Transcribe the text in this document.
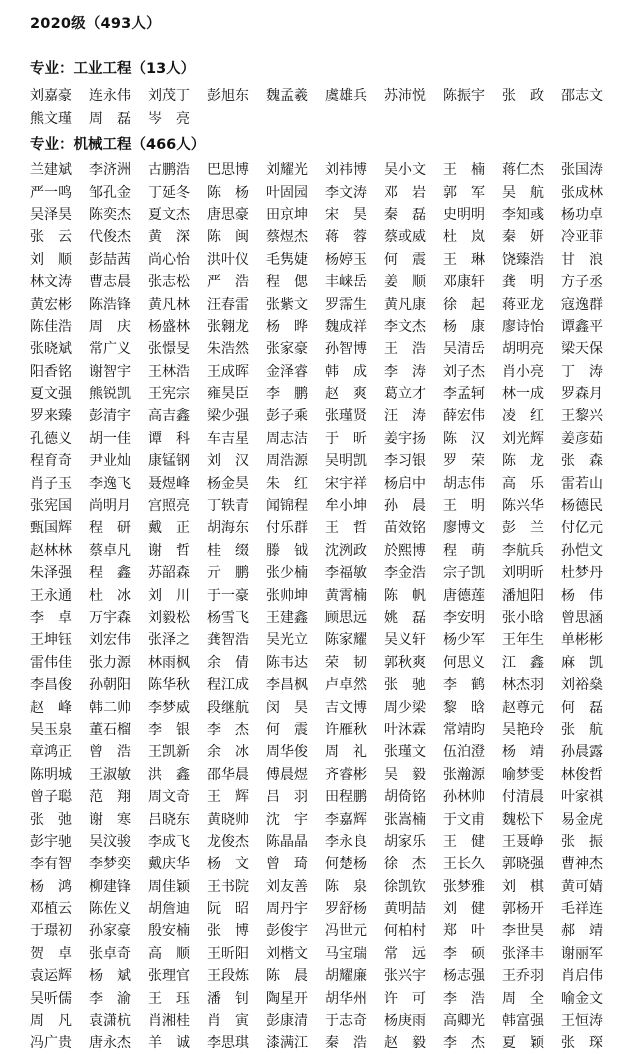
2020级（493人）
专业：工业工程（13人）
刘嘉豪	连永伟	刘茂丁	彭旭东	魏孟羲	虞雄兵	苏沛悦	陈振宇	张　政	邵志文
熊文瑾	周　磊	岑　亮
专业：机械工程（466人）
兰建斌	李济洲	古鹏浩	巴思博	刘耀光	刘祎博	吴小文	王　楠	蒋仁杰	张国涛
严一鸣	邹孔金	丁延冬	陈　杨	叶固园	李文涛	邓　岩	郭　军	吴　航	张成林
吴泽昊	陈奕杰	夏文杰	唐思豪	田京坤	宋　昊	秦　磊	史明明	李知彧	杨功卓
张　云	代俊杰	黄　深	陈　闽	蔡煜杰	蒋　蓉	蔡或威	杜　岚	秦　妍	冷亚菲
刘　顺	彭喆茜	尚心怡	洪叶仪	毛隽婕	杨婷玉	何　震	王　琳	饶臻浩	甘　浪
林文涛	曹志晨	张志松	严　浩	程　偲	丰崃岳	姜　顺	邓康轩	龚　明	方子丞
黄宏彬	陈浩锋	黄凡林	汪春雷	张紫文	罗霈生	黄凡康	徐　起	蒋亚龙	寇逸群
陈佳浩	周　庆	杨盛林	张翱龙	杨　晔	魏成祥	李文杰	杨　康	廖诗怡	谭鑫平
张晓斌	常广义	张憬旻	朱浩然	张家豪	孙智博	王　浩	吴清岳	胡明亮	梁天保
阳香铭	谢智宇	王林浩	王成晖	金泽睿	韩　成	李　涛	刘子杰	肖小亮	丁　涛
夏文强	熊锐凯	王宪宗	雍昊臣	李　鹏	赵　爽	葛立才	李孟轲	林一成	罗森月
罗来臻	彭清宇	高吉鑫	梁少强	彭子乘	张瑾贤	汪　涛	薛宏伟	凌　红	王黎兴
孔德义	胡一佳	谭　科	车吉星	周志洁	于　昕	姜宇扬	陈　汉	刘光辉	姜彦茹
程育奇	尹业灿	康锰钢	刘　汉	周浩源	吴明凯	李习银	罗　荣	陈　龙	张　森
肖子玉	李逸飞	聂煜峰	杨金昊	朱　红	宋宇祥	杨启中	胡志伟	高　乐	雷若山
张宪国	尚明月	宫照亮	丁轶青	闻锦程	牟小坤	孙　晨	王　明	陈兴华	杨德民
甄国辉	程　研	戴　正	胡海东	付乐群	王　哲	苗效铭	廖博文	彭　兰	付亿元
赵林林	蔡卓凡	谢　哲	桂　缀	滕　钺	沈洌政	於熙博	程　萌	李航兵	孙恺文
朱泽强	程　鑫	苏韶森	亓　鹏	张少楠	李福敏	李金浩	宗子凯	刘明昕	杜梦丹
王永通	杜　冰	刘　川	于一豪	张帅坤	黄霄楠	陈　帆	唐德莲	潘旭阳	杨　伟
李　卓	万宇森	刘毅松	杨雪飞	王建鑫	顾思远	姚　磊	李安明	张小晗	曾思涵
王坤钰	刘宏伟	张泽之	龚智浩	吴光立	陈家耀	吴义轩	杨少军	王年生	单彬彬
雷伟佳	张力源	林雨枫	余　倩	陈韦达	荣　韧	郭秋爽	何思义	江　鑫	麻　凯
李昌俊	孙朝阳	陈华秋	程江成	李昌枫	卢卓然	张　驰	李　鹤	林杰羽	刘裕燊
赵　峰	韩二帅	李梦威	段继航	闵　昊	吉文博	周少梁	黎　晗	赵尊元	何　磊
吴玉泉	董石榴	李　银	李　杰	何　震	许雁秋	叶沐霖	常靖昀	吴艳玲	张　航
章鸿正	曾　浩	王凯新	余　冰	周华俊	周　礼	张瑾文	伍泊澄	杨　靖	孙晨露
陈明城	王淑敏	洪　鑫	邵华晨	傅晨煜	齐睿彬	吴　毅	张瀚源	喻梦雯	林俊哲
曾子聪	范　翔	周文奇	王　辉	吕　羽	田程鹏	胡倚铭	孙林帅	付清晨	叶家祺
张　弛	谢　寒	吕晓东	黄晓帅	沈　宇	李嘉辉	张嵩楠	于文甫	魏松下	易金虎
彭宇驰	吴汶骏	李成飞	龙俊杰	陈晶晶	李永良	胡家乐	王　健	王聂峥	张　振
李有智	李梦奕	戴庆华	杨　文	曾　琦	何楚杨	徐　杰	王长久	郭晓强	曹神杰
杨　鸿	柳建锋	周佳颖	王书院	刘友善	陈　泉	徐凯钦	张梦雅	刘　棋	黄可婧
邓植云	陈佐义	胡詹迪	阮　昭	周丹宇	罗舒杨	黄明喆	刘　健	郭杨开	毛祥连
于璟初	孙家豪	殷安楠	张　博	彭俊宇	冯世元	何柏村	郑　叶	李世昊	郝　靖
贺　卓	张卓奇	高　顺	王昕阳	刘楷文	马宝瑞	常　远	李　硕	张泽丰	谢丽军
袁运辉	杨　斌	张理官	王段炼	陈　晨	胡耀廉	张兴宇	杨志强	王乔羽	肖启伟
吴听儒	李　渝	王　珏	潘　钊	陶星开	胡华州	许　可	李　浩	周　全	喻金文
周　凡	袁潇杭	肖湘桂	肖　寅	彭康清	于志奇	杨庚雨	高卿光	韩富强	王恒涛
冯广贵	唐永杰	羊　诚	李思琪	漆满江	秦　浩	赵　毅	李　杰	夏　颖	张　琛
